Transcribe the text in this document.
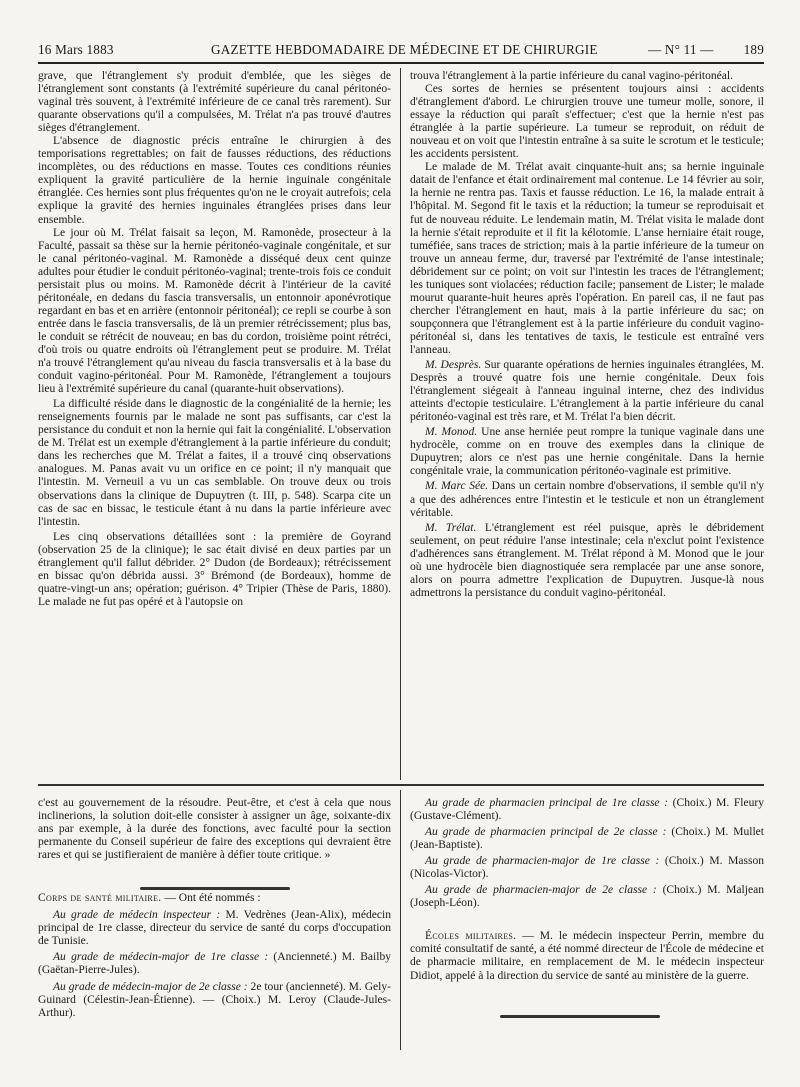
16 Mars 1883	GAZETTE HEBDOMADAIRE DE MÉDECINE ET DE CHIRURGIE	— N° 11 — 189

grave, que l'étranglement s'y produit d'emblée, que les sièges de l'étranglement sont constants (à l'extrémité supérieure du canal péritonéo-vaginal très souvent, à l'extrémité inférieure de ce canal très rarement). Sur quarante observations qu'il a compulsées, M. Trélat n'a pas trouvé d'autres sièges d'étranglement.

L'absence de diagnostic précis entraîne le chirurgien à des temporisations regrettables; on fait de fausses réductions, des réductions incomplètes, ou des réductions en masse. Toutes ces conditions réunies expliquent la gravité particulière de la hernie inguinale congénitale étranglée. Ces hernies sont plus fréquentes qu'on ne le croyait autrefois; cela explique la gravité des hernies inguinales étranglées prises dans leur ensemble.

Le jour où M. Trélat faisait sa leçon, M. Ramonède, prosecteur à la Faculté, passait sa thèse sur la hernie péritonéo-vaginale congénitale, et sur le canal péritonéo-vaginal. M. Ramonède a disséqué deux cent quinze adultes pour étudier le conduit péritonéo-vaginal; trente-trois fois ce conduit persistait plus ou moins. M. Ramonède décrit à l'intérieur de la cavité péritonéale, en dedans du fascia transversalis, un entonnoir aponévrotique regardant en bas et en arrière (entonnoir péritonéal); ce repli se courbe à son entrée dans le fascia transversalis, de là un premier rétrécissement; plus bas, le conduit se rétrécit de nouveau; en bas du cordon, troisième point rétréci, d'où trois ou quatre endroits où l'étranglement peut se produire. M. Trélat n'a trouvé l'étranglement qu'au niveau du fascia transversalis et à la base du conduit vagino-péritonéal. Pour M. Ramonède, l'étranglement a toujours lieu à l'extrémité supérieure du canal (quarante-huit observations).

La difficulté réside dans le diagnostic de la congénialité de la hernie; les renseignements fournis par le malade ne sont pas suffisants, car c'est la persistance du conduit et non la hernie qui fait la congénialité. L'observation de M. Trélat est un exemple d'étranglement à la partie inférieure du conduit; dans les recherches que M. Trélat a faites, il a trouvé cinq observations analogues. M. Panas avait vu un orifice en ce point; il n'y manquait que l'intestin. M. Verneuil a vu un cas semblable. On trouve deux ou trois observations dans la clinique de Dupuytren (t. III, p. 548). Scarpa cite un cas de sac en bissac, le testicule étant à nu dans la partie inférieure avec l'intestin.

Les cinq observations détaillées sont : la première de Goyrand (observation 25 de la clinique); le sac était divisé en deux parties par un étranglement qu'il fallut débrider. 2° Dudon (de Bordeaux); rétrécissement en bissac qu'on débrida aussi. 3° Brémond (de Bordeaux), homme de quatre-vingt-un ans; opération; guérison. 4° Tripier (Thèse de Paris, 1880). Le malade ne fut pas opéré et à l'autopsie on

trouva l'étranglement à la partie inférieure du canal vagino-péritonéal.

Ces sortes de hernies se présentent toujours ainsi : accidents d'étranglement d'abord. Le chirurgien trouve une tumeur molle, sonore, il essaye la réduction qui paraît s'effectuer; c'est que la hernie n'est pas étranglée à la partie supérieure. La tumeur se reproduit, on réduit de nouveau et on voit que l'intestin entraîne à sa suite le scrotum et le testicule; les accidents persistent.

Le malade de M. Trélat avait cinquante-huit ans; sa hernie inguinale datait de l'enfance et était ordinairement mal contenue. Le 14 février au soir, la hernie ne rentra pas. Taxis et fausse réduction. Le 16, la malade entrait à l'hôpital. M. Segond fit le taxis et la réduction; la tumeur se reproduisait et fut de nouveau réduite. Le lendemain matin, M. Trélat visita le malade dont la hernie s'était reproduite et il fit la kélotomie. L'anse herniaire était rouge, tuméfiée, sans traces de striction; mais à la partie inférieure de la tumeur on trouve un anneau ferme, dur, traversé par l'extrémité de l'anse intestinale; débridement sur ce point; on voit sur l'intestin les traces de l'étranglement; les tuniques sont violacées; réduction facile; pansement de Lister; le malade mourut quarante-huit heures après l'opération. En pareil cas, il ne faut pas chercher l'étranglement en haut, mais à la partie inférieure du sac; on soupçonnera que l'étranglement est à la partie inférieure du conduit vagino-péritonéal si, dans les tentatives de taxis, le testicule est entraîné vers l'anneau.

M. Desprès. Sur quarante opérations de hernies inguinales étranglées, M. Desprès a trouvé quatre fois une hernie congénitale. Deux fois l'étranglement siégeait à l'anneau inguinal interne, chez des individus atteints d'ectopie testiculaire. L'étranglement à la partie inférieure du canal péritonéo-vaginal est très rare, et M. Trélat l'a bien décrit.

M. Monod. Une anse herniée peut rompre la tunique vaginale dans une hydrocèle, comme on en trouve des exemples dans la clinique de Dupuytren; alors ce n'est pas une hernie congénitale. Dans la hernie congénitale vraie, la communication péritonéo-vaginale est primitive.

M. Marc Sée. Dans un certain nombre d'observations, il semble qu'il n'y a que des adhérences entre l'intestin et le testicule et non un étranglement véritable.

M. Trélat. L'étranglement est réel puisque, après le débridement seulement, on peut réduire l'anse intestinale; cela n'exclut point l'existence d'adhérences sans étranglement. M. Trélat répond à M. Monod que le jour où une hydrocèle bien diagnostiquée sera remplacée par une anse sonore, alors on pourra admettre l'explication de Dupuytren. Jusque-là nous admettrons la persistance du conduit vagino-péritonéal.

c'est au gouvernement de la résoudre. Peut-être, et c'est à cela que nous inclinerions, la solution doit-elle consister à assigner un âge, soixante-dix ans par exemple, à la durée des fonctions, avec faculté pour la section permanente du Conseil supérieur de faire des exceptions qui devraient être rares et qui se justifieraient de manière à défier toute critique. »

Corps de santé militaire. — Ont été nommés :

Au grade de médecin inspecteur : M. Vedrènes (Jean-Alix), médecin principal de 1re classe, directeur du service de santé du corps d'occupation de Tunisie.

Au grade de médecin-major de 1re classe : (Ancienneté.) M. Bailby (Gaëtan-Pierre-Jules).

Au grade de médecin-major de 2e classe : 2e tour (ancienneté). M. Gely-Guinard (Célestin-Jean-Étienne). — (Choix.) M. Leroy (Claude-Jules-Arthur).

Au grade de pharmacien principal de 1re classe : (Choix.) M. Fleury (Gustave-Clément).

Au grade de pharmacien principal de 2e classe : (Choix.) M. Mullet (Jean-Baptiste).

Au grade de pharmacien-major de 1re classe : (Choix.) M. Masson (Nicolas-Victor).

Au grade de pharmacien-major de 2e classe : (Choix.) M. Maljean (Joseph-Léon).

Écoles militaires. — M. le médecin inspecteur Perrin, membre du comité consultatif de santé, a été nommé directeur de l'École de médecine et de pharmacie militaire, en remplacement de M. le médecin inspecteur Didiot, appelé à la direction du service de santé au ministère de la guerre.
